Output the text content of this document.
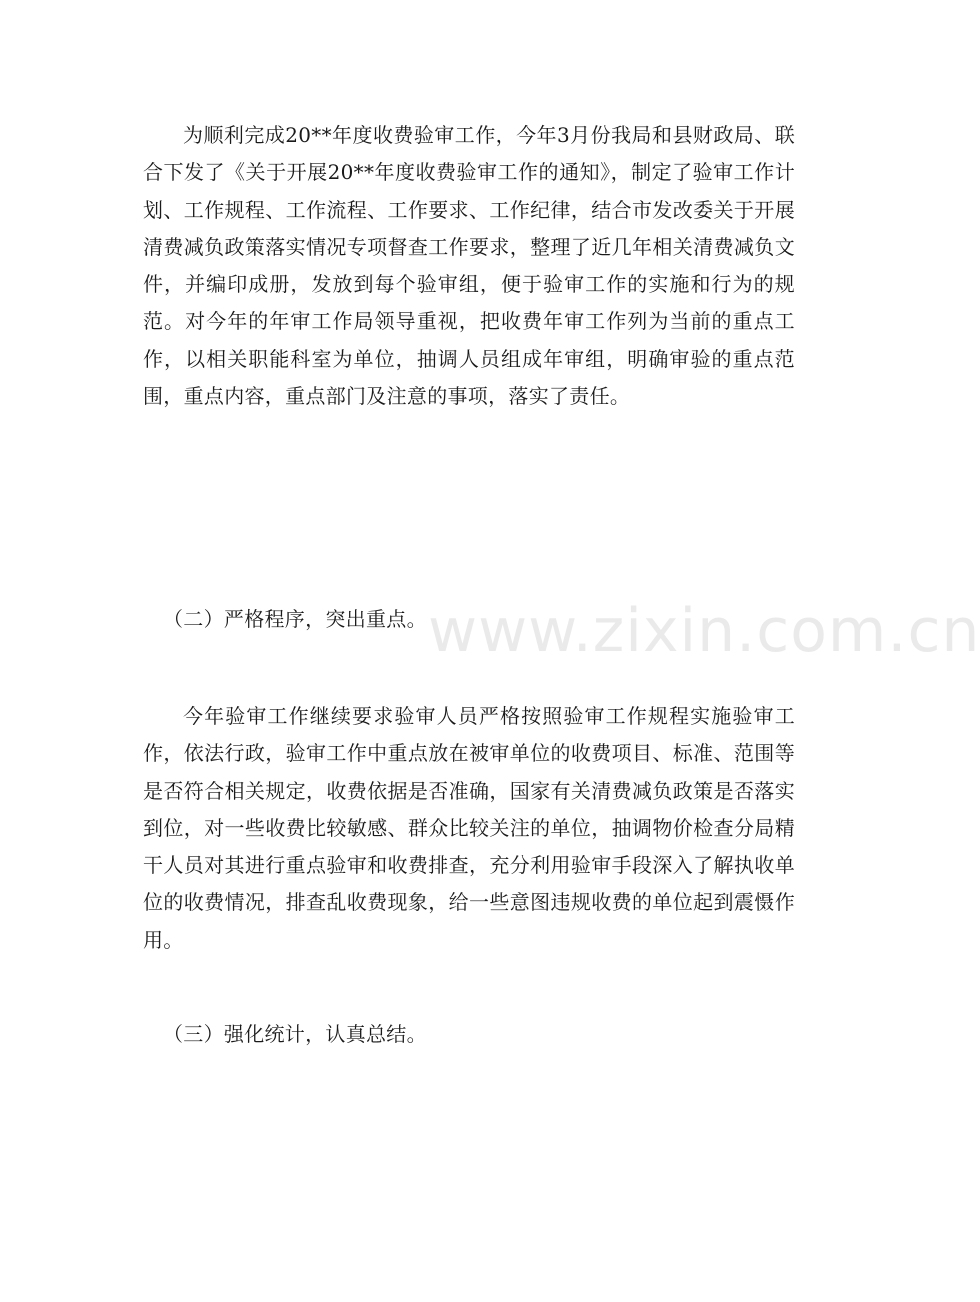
为顺利完成20**年度收费验审工作，今年3月份我局和县财政局、联合下发了《关于开展20**年度收费验审工作的通知》，制定了验审工作计划、工作规程、工作流程、工作要求、工作纪律，结合市发改委关于开展清费减负政策落实情况专项督查工作要求，整理了近几年相关清费减负文件，并编印成册，发放到每个验审组，便于验审工作的实施和行为的规范。对今年的年审工作局领导重视，把收费年审工作列为当前的重点工作，以相关职能科室为单位，抽调人员组成年审组，明确审验的重点范围，重点内容，重点部门及注意的事项，落实了责任。

（二）严格程序，突出重点。

今年验审工作继续要求验审人员严格按照验审工作规程实施验审工作，依法行政，验审工作中重点放在被审单位的收费项目、标准、范围等是否符合相关规定，收费依据是否准确，国家有关清费减负政策是否落实到位，对一些收费比较敏感、群众比较关注的单位，抽调物价检查分局精干人员对其进行重点验审和收费排查，充分利用验审手段深入了解执收单位的收费情况，排查乱收费现象，给一些意图违规收费的单位起到震慑作用。

（三）强化统计，认真总结。

www.zixin.com.cn
